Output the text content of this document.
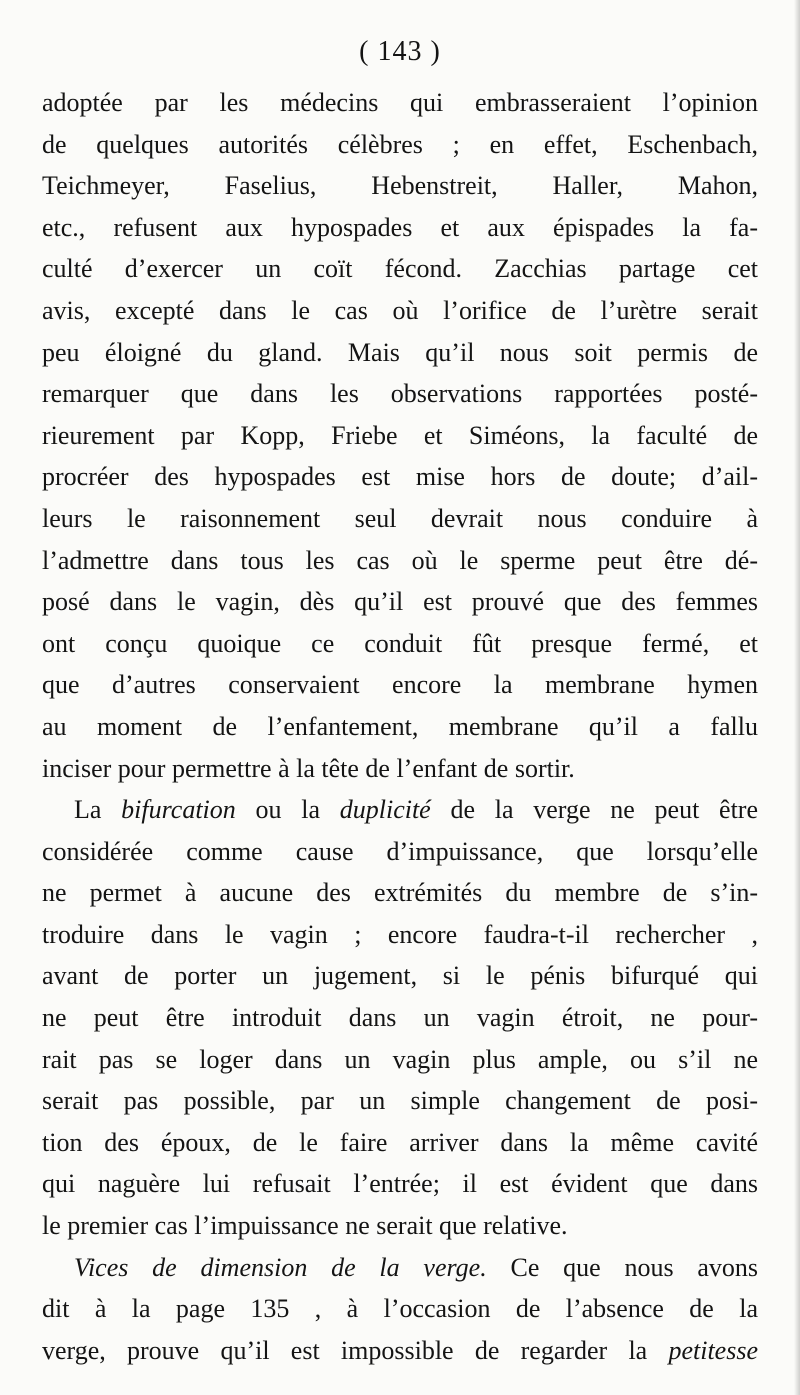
( 143 )
adoptée par les médecins qui embrasseraient l’opinion
de quelques autorités célèbres ; en effet, Eschenbach,
Teichmeyer, Faselius, Hebenstreit, Haller, Mahon,
etc., refusent aux hypospades et aux épispades la fa-
culté d’exercer un coït fécond. Zacchias partage cet
avis, excepté dans le cas où l’orifice de l’urètre serait
peu éloigné du gland. Mais qu’il nous soit permis de
remarquer que dans les observations rapportées posté-
rieurement par Kopp, Friebe et Siméons, la faculté de
procréer des hypospades est mise hors de doute; d’ail-
leurs le raisonnement seul devrait nous conduire à
l’admettre dans tous les cas où le sperme peut être dé-
posé dans le vagin, dès qu’il est prouvé que des femmes
ont conçu quoique ce conduit fût presque fermé, et
que d’autres conservaient encore la membrane hymen
au moment de l’enfantement, membrane qu’il a fallu
inciser pour permettre à la tête de l’enfant de sortir.
La bifurcation ou la duplicité de la verge ne peut être
considérée comme cause d’impuissance, que lorsqu’elle
ne permet à aucune des extrémités du membre de s’in-
troduire dans le vagin ; encore faudra-t-il rechercher ,
avant de porter un jugement, si le pénis bifurqué qui
ne peut être introduit dans un vagin étroit, ne pour-
rait pas se loger dans un vagin plus ample, ou s’il ne
serait pas possible, par un simple changement de posi-
tion des époux, de le faire arriver dans la même cavité
qui naguère lui refusait l’entrée; il est évident que dans
le premier cas l’impuissance ne serait que relative.
Vices de dimension de la verge. Ce que nous avons
dit à la page 135 , à l’occasion de l’absence de la
verge, prouve qu’il est impossible de regarder la petitesse
